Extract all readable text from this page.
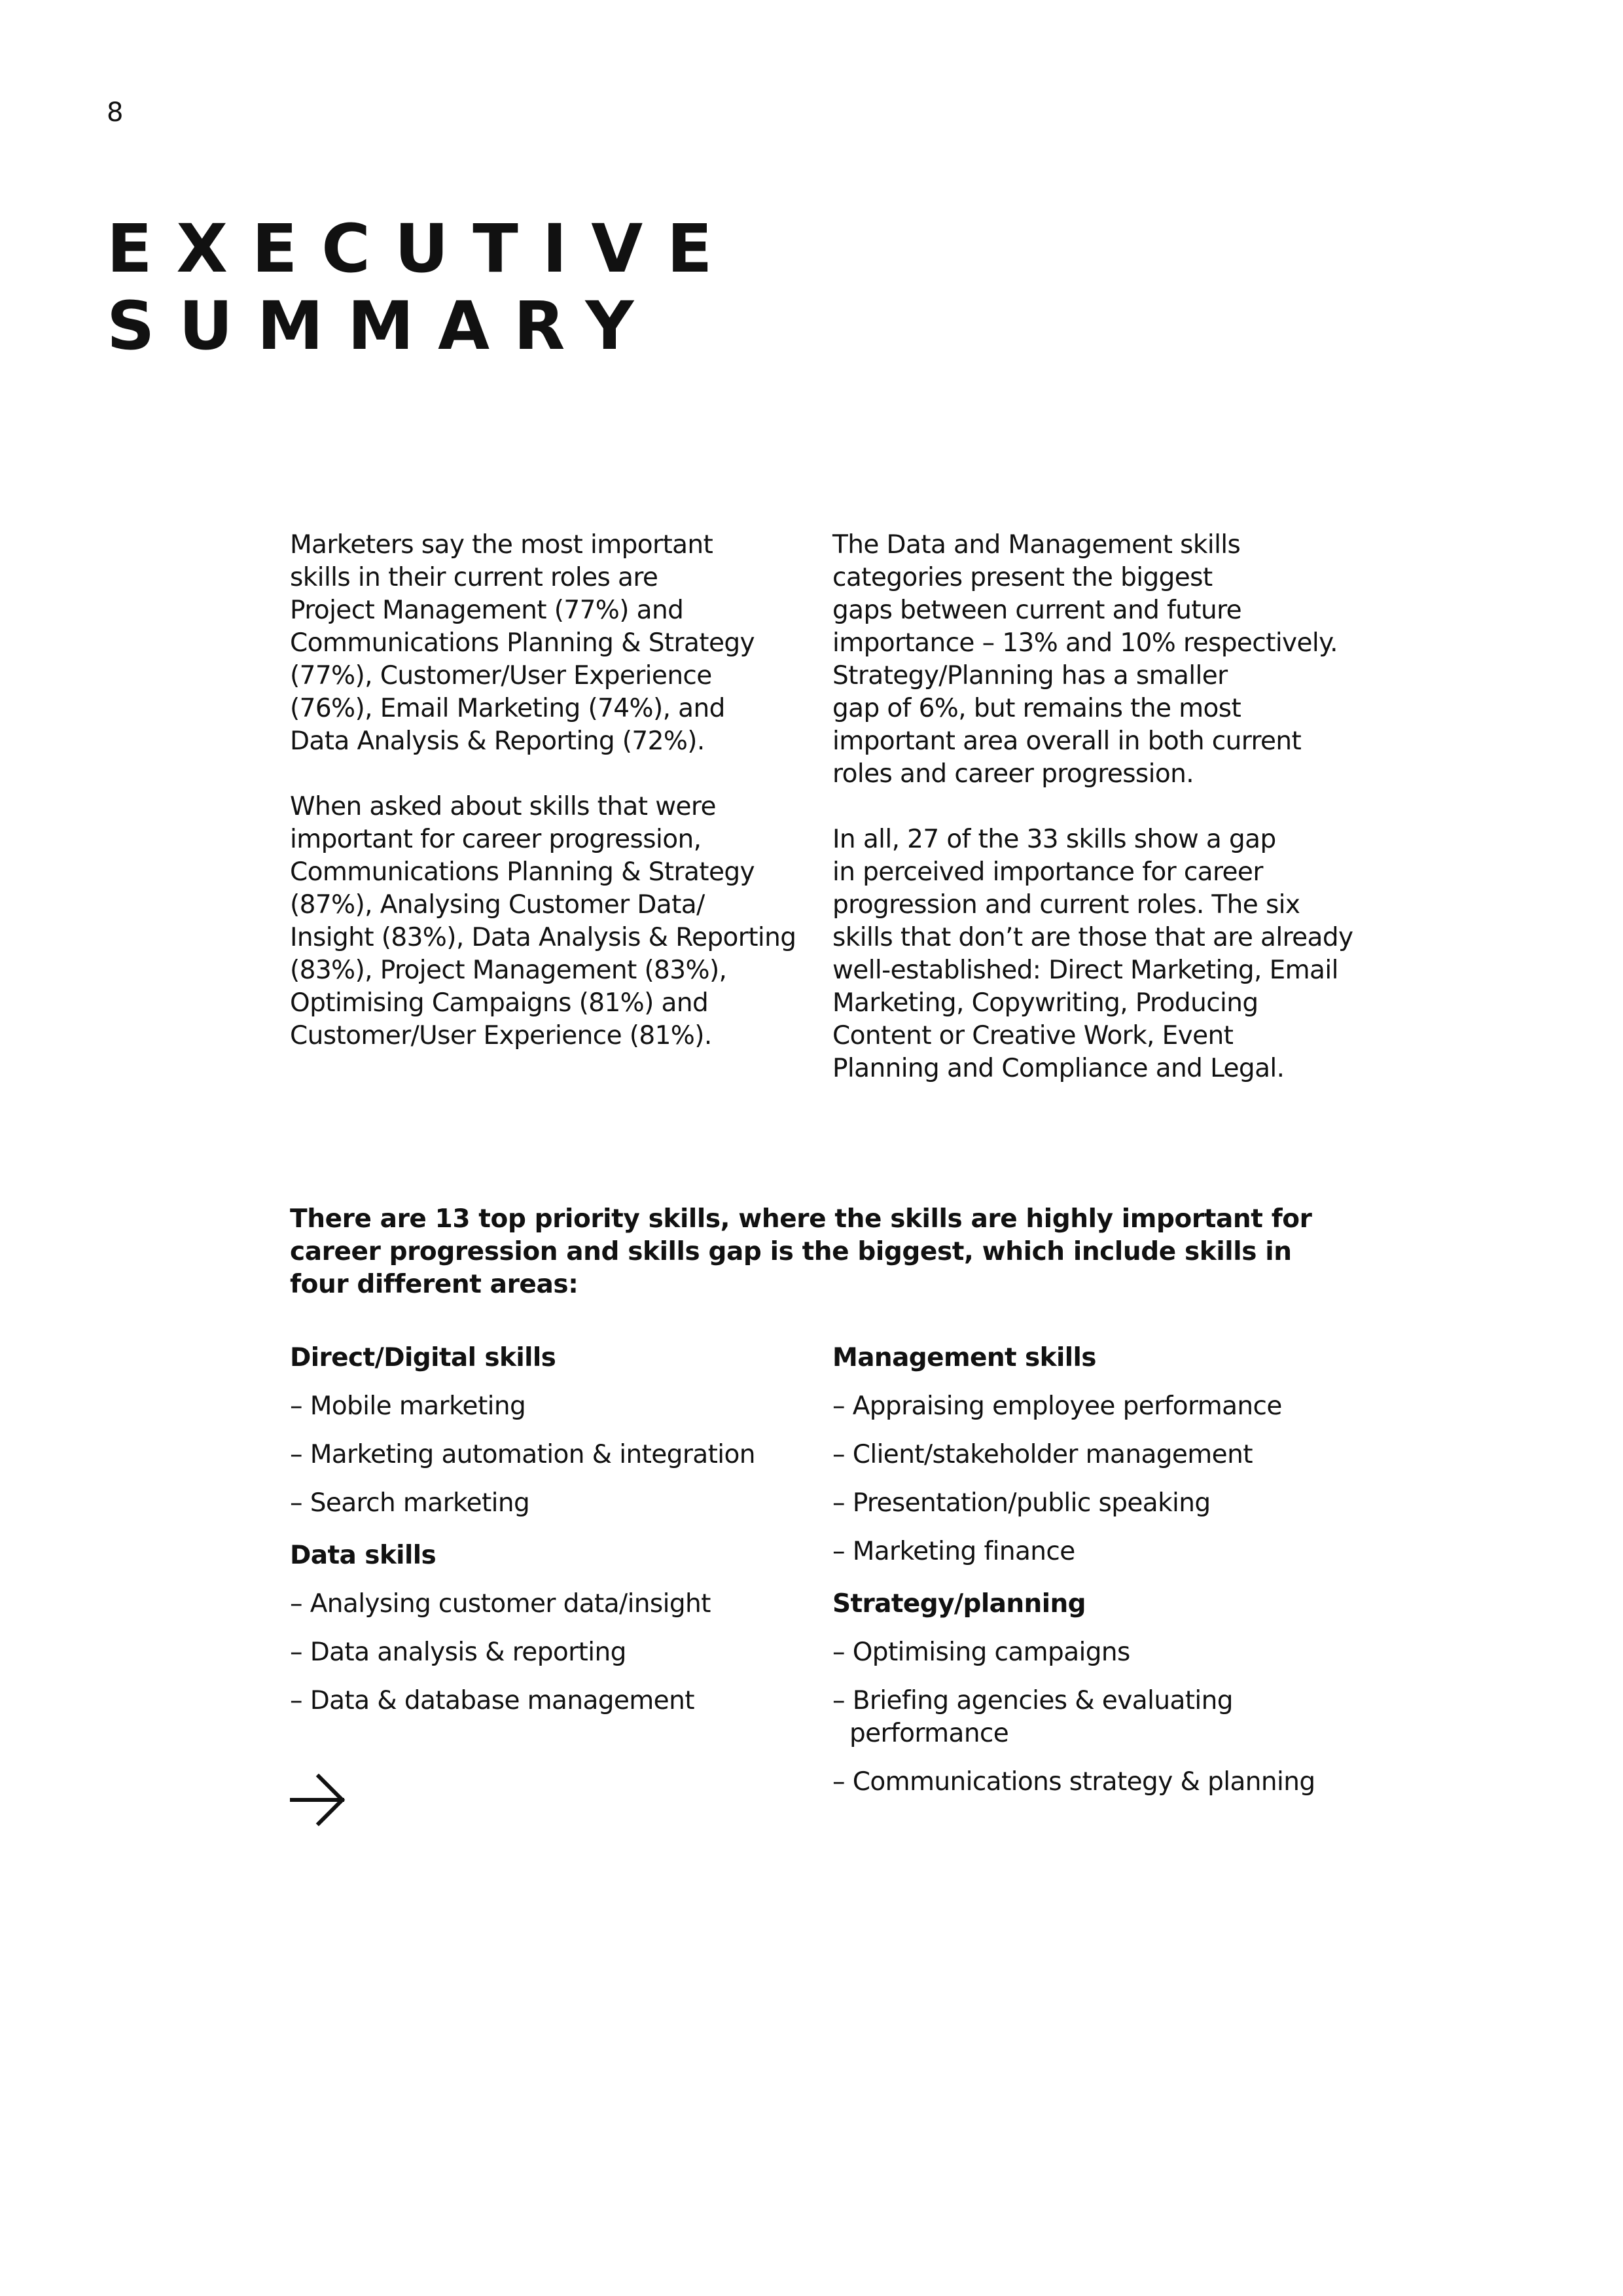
8
EXECUTIVE
SUMMARY

Marketers say the most important
skills in their current roles are
Project Management (77%) and
Communications Planning & Strategy
(77%), Customer/User Experience
(76%), Email Marketing (74%), and
Data Analysis & Reporting (72%).

When asked about skills that were
important for career progression,
Communications Planning & Strategy
(87%), Analysing Customer Data/
Insight (83%), Data Analysis & Reporting
(83%), Project Management (83%),
Optimising Campaigns (81%) and
Customer/User Experience (81%).

The Data and Management skills
categories present the biggest
gaps between current and future
importance – 13% and 10% respectively.
Strategy/Planning has a smaller
gap of 6%, but remains the most
important area overall in both current
roles and career progression.

In all, 27 of the 33 skills show a gap
in perceived importance for career
progression and current roles. The six
skills that don’t are those that are already
well-established: Direct Marketing, Email
Marketing, Copywriting, Producing
Content or Creative Work, Event
Planning and Compliance and Legal.

There are 13 top priority skills, where the skills are highly important for
career progression and skills gap is the biggest, which include skills in
four different areas:
Direct/Digital skills
– Mobile marketing
– Marketing automation & integration
– Search marketing
Data skills
– Analysing customer data/insight
– Data analysis & reporting
– Data & database management
Management skills
– Appraising employee performance
– Client/stakeholder management
– Presentation/public speaking
– Marketing finance
Strategy/planning
– Optimising campaigns
– Briefing agencies & evaluating performance
– Communications strategy & planning
